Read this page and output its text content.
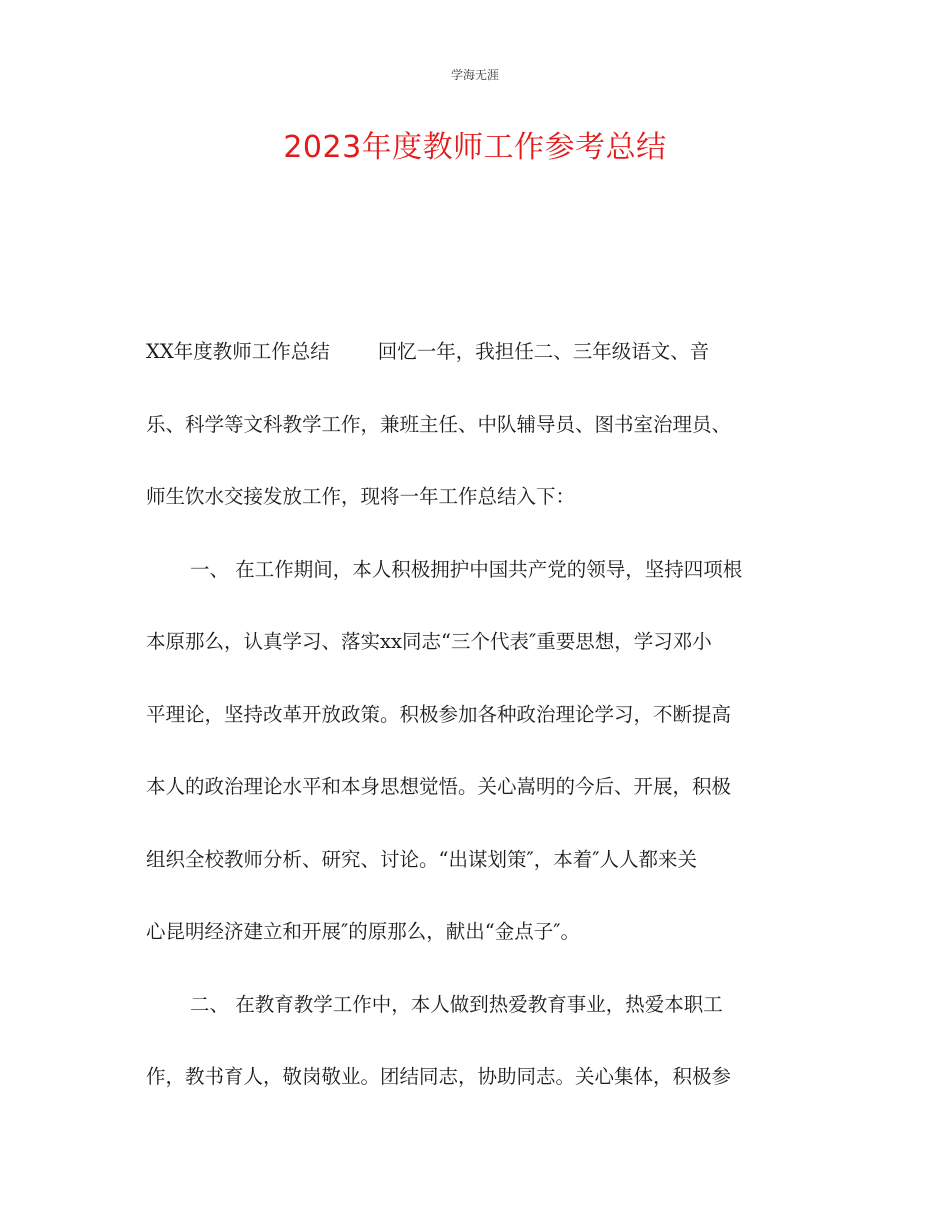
学海无涯
2023年度教师工作参考总结

XX年度教师工作总结 回忆一年，我担任二、三年级语文、音
乐、科学等文科教学工作，兼班主任、中队辅导员、图书室治理员、
师生饮水交接发放工作，现将一年工作总结入下：

一、 在工作期间，本人积极拥护中国共产党的领导，坚持四项根
本原那么，认真学习、落实xx同志“三个代表″重要思想，学习邓小
平理论，坚持改革开放政策。积极参加各种政治理论学习，不断提高
本人的政治理论水平和本身思想觉悟。关心嵩明的今后、开展，积极
组织全校教师分析、研究、讨论。“出谋划策″，本着″人人都来关
心昆明经济建立和开展″的原那么，献出“金点子″。

二、 在教育教学工作中，本人做到热爱教育事业，热爱本职工
作，教书育人，敬岗敬业。团结同志，协助同志。关心集体，积极参
